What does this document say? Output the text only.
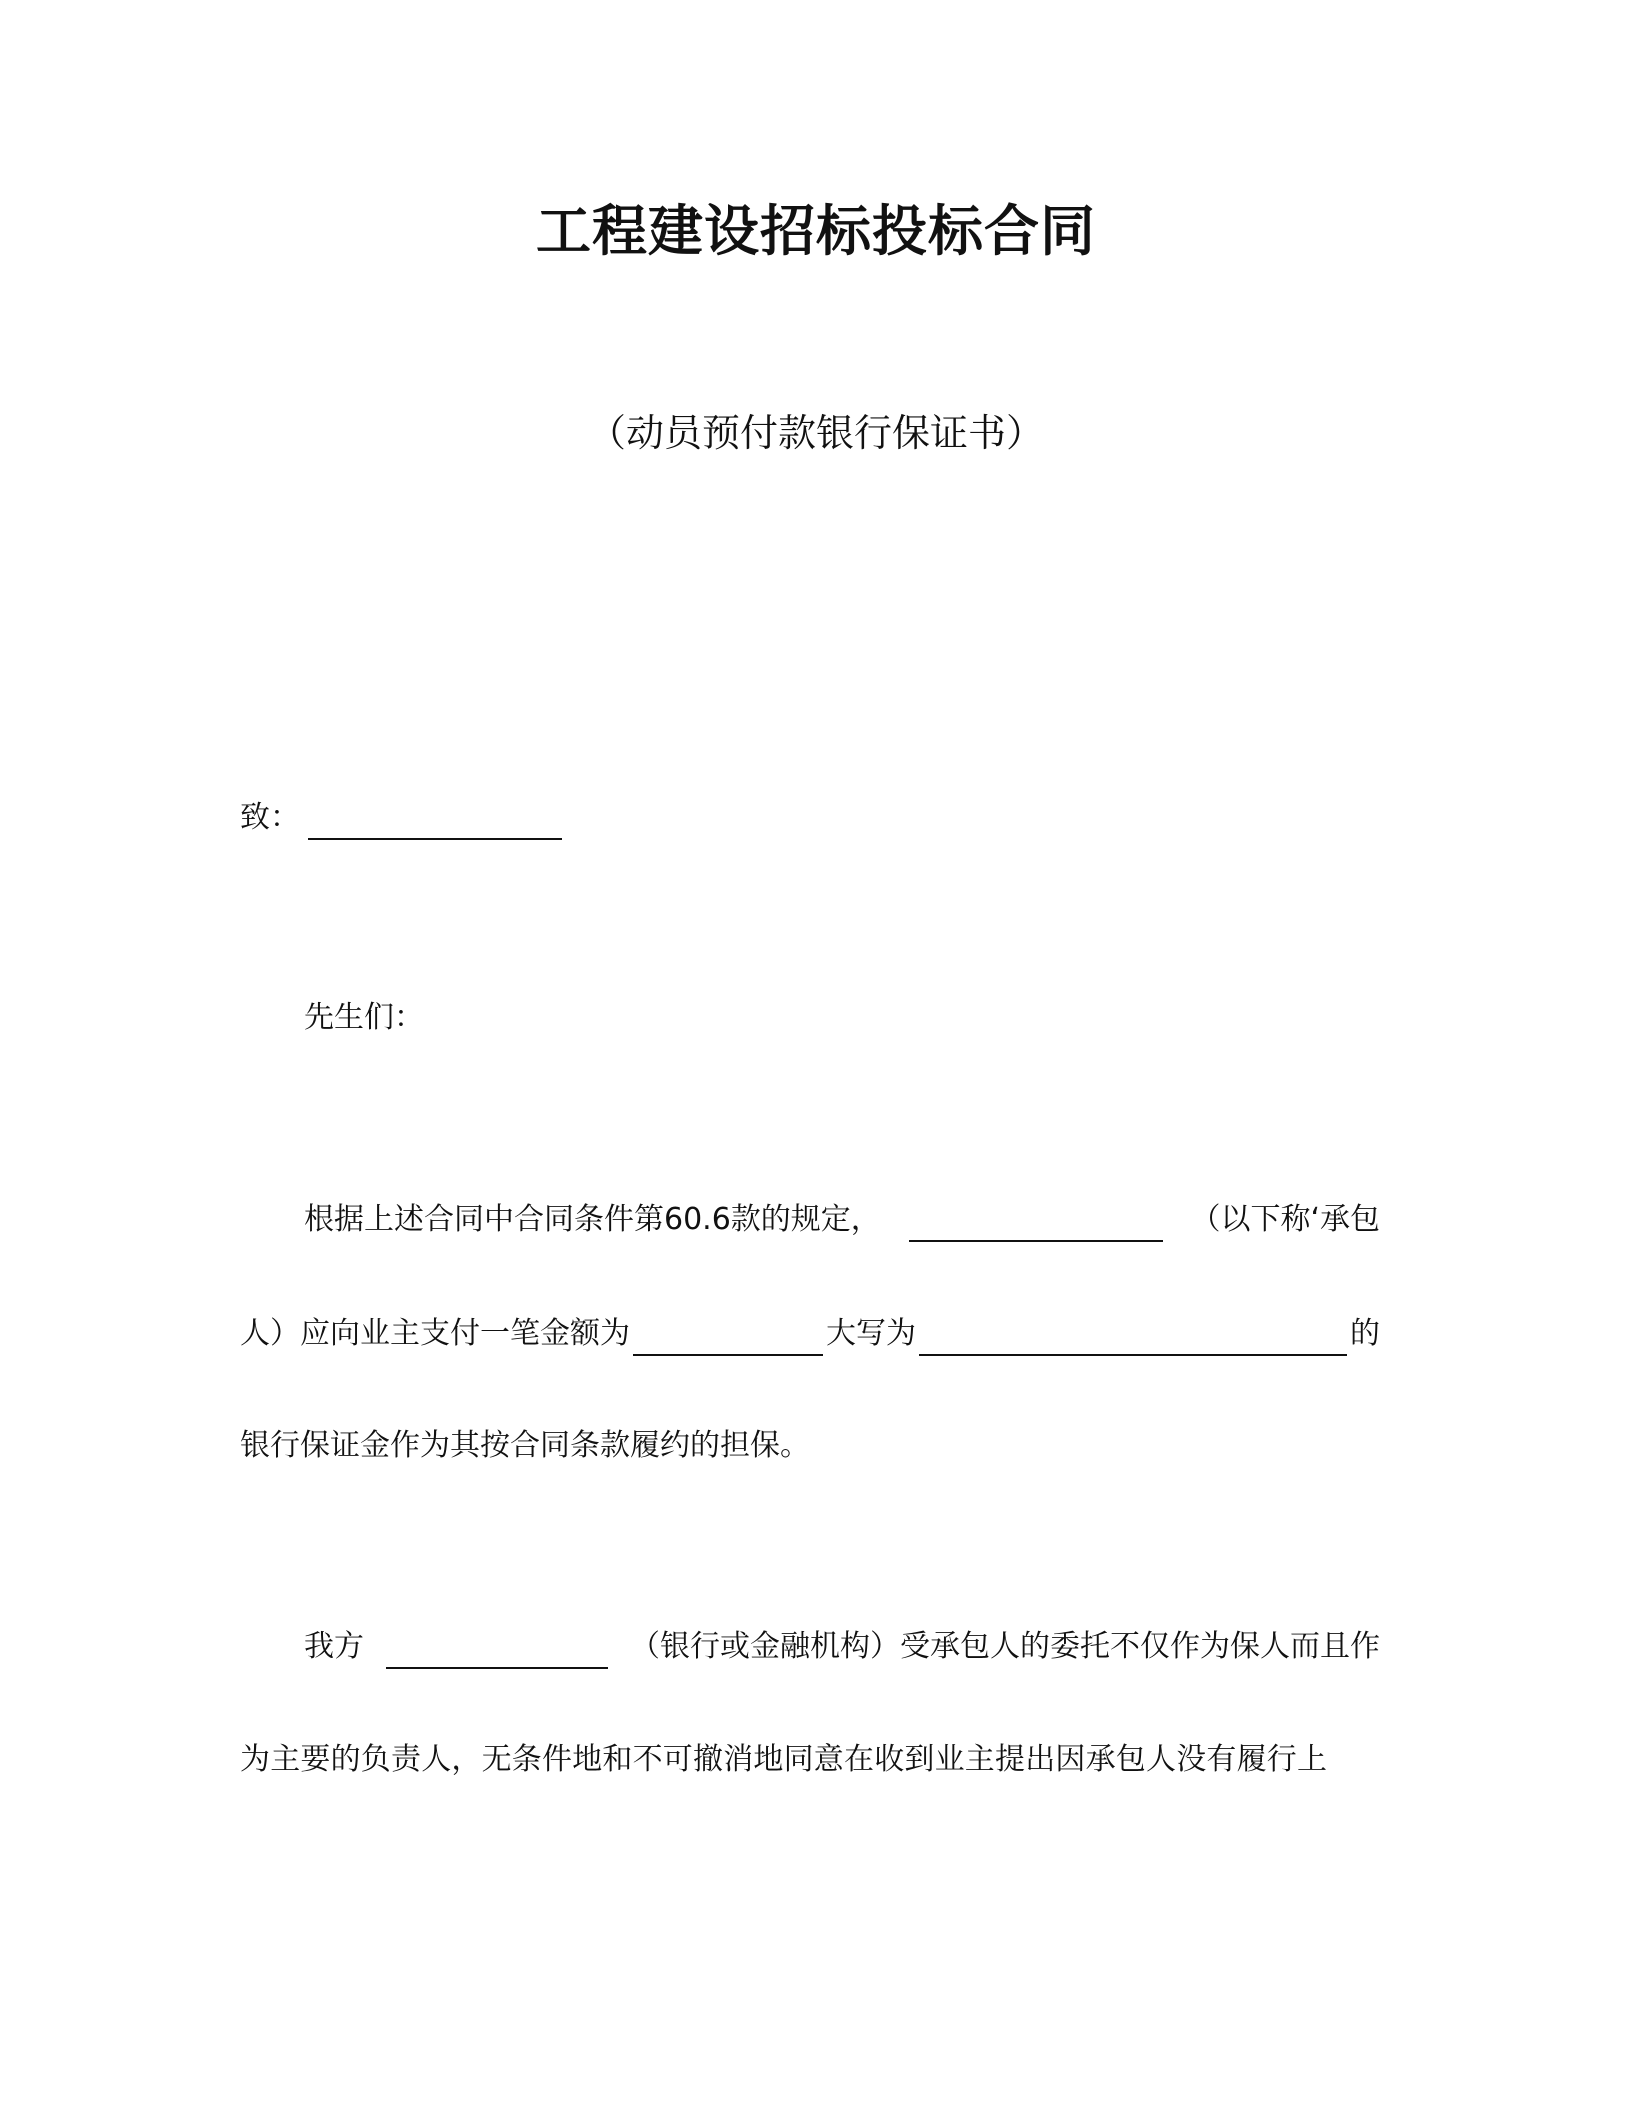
工程建设招标投标合同
（动员预付款银行保证书）
致：
先生们：
根据上述合同中合同条件第60.6款的规定，	（以下称‘承包
人）应向业主支付一笔金额为	大写为	的
银行保证金作为其按合同条款履约的担保。
我方	（银行或金融机构）受承包人的委托不仅作为保人而且作
为主要的负责人，无条件地和不可撤消地同意在收到业主提出因承包人没有履行上
